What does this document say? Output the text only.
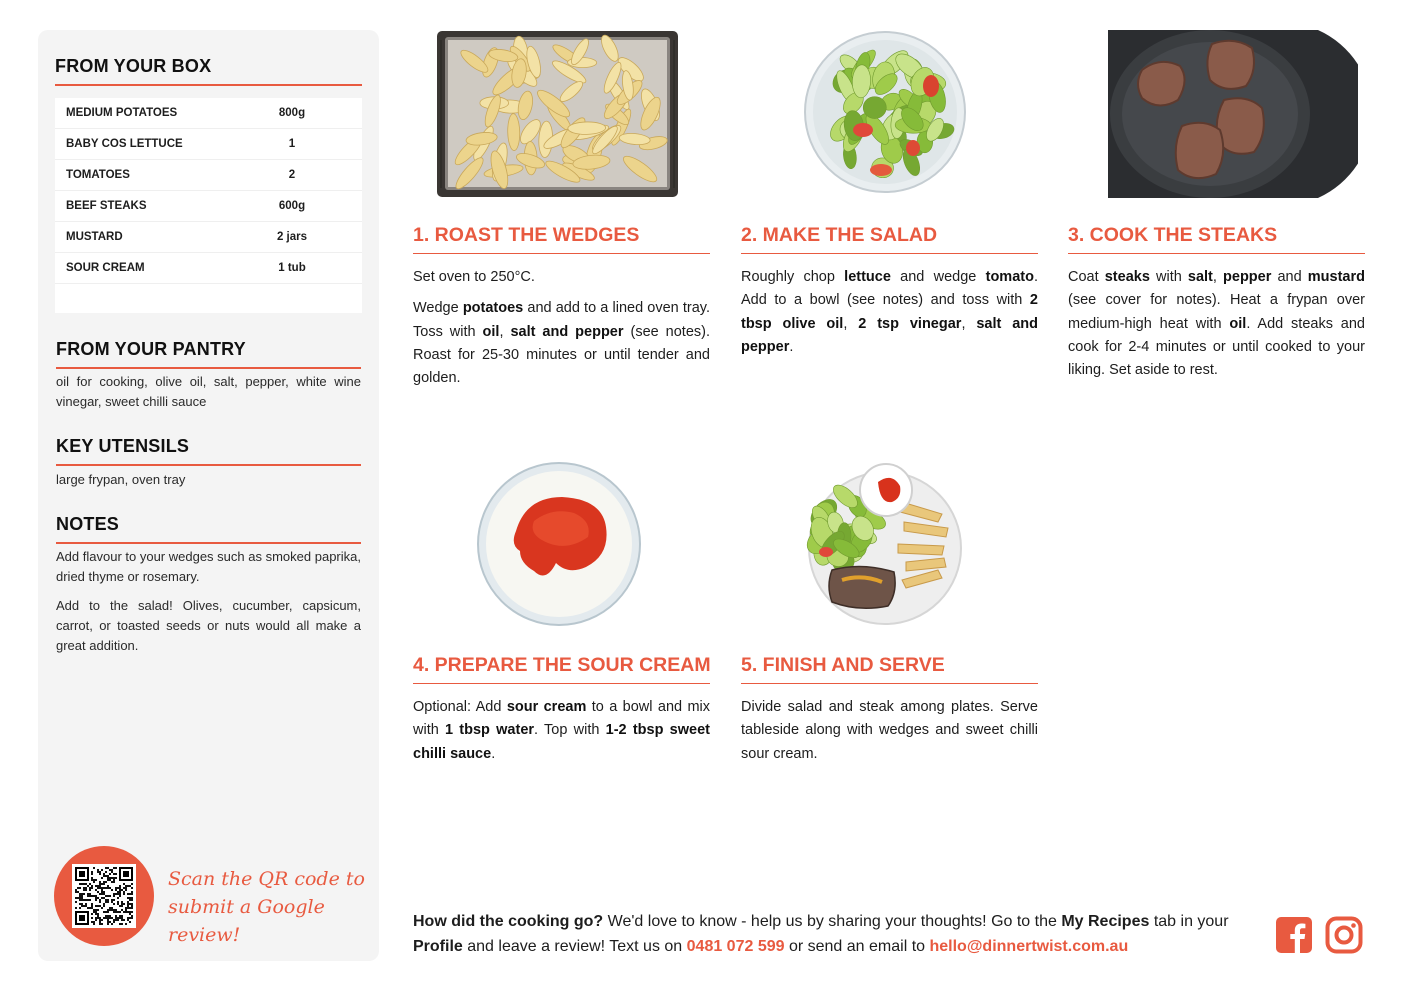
FROM YOUR BOX
MEDIUM POTATOES	800g
BABY COS LETTUCE	1
TOMATOES	2
BEEF STEAKS	600g
MUSTARD	2 jars
SOUR CREAM	1 tub
FROM YOUR PANTRY
oil for cooking, olive oil, salt, pepper, white wine vinegar, sweet chilli sauce
KEY UTENSILS
large frypan, oven tray
NOTES
Add flavour to your wedges such as smoked paprika, dried thyme or rosemary.
Add to the salad! Olives, cucumber, capsicum, carrot, or toasted seeds or nuts would all make a great addition.
Scan the QR code to
submit a Google review!
1. ROAST THE WEDGES

Set oven to 250°C.

Wedge potatoes and add to a lined oven tray. Toss with oil, salt and pepper (see notes). Roast for 25-30 minutes or until tender and golden.

2. MAKE THE SALAD

Roughly chop lettuce and wedge tomato. Add to a bowl (see notes) and toss with 2 tbsp olive oil, 2 tsp vinegar, salt and pepper.

3. COOK THE STEAKS

Coat steaks with salt, pepper and mustard (see cover for notes). Heat a frypan over medium-high heat with oil. Add steaks and cook for 2-4 minutes or until cooked to your liking. Set aside to rest.

4. PREPARE THE SOUR CREAM

Optional: Add sour cream to a bowl and mix with 1 tbsp water. Top with 1-2 tbsp sweet chilli sauce.

5. FINISH AND SERVE

Divide salad and steak among plates. Serve tableside along with wedges and sweet chilli sour cream.

How did the cooking go? We'd love to know - help us by sharing your thoughts! Go to the My Recipes tab in your Profile and leave a review! Text us on 0481 072 599 or send an email to hello@dinnertwist.com.au
